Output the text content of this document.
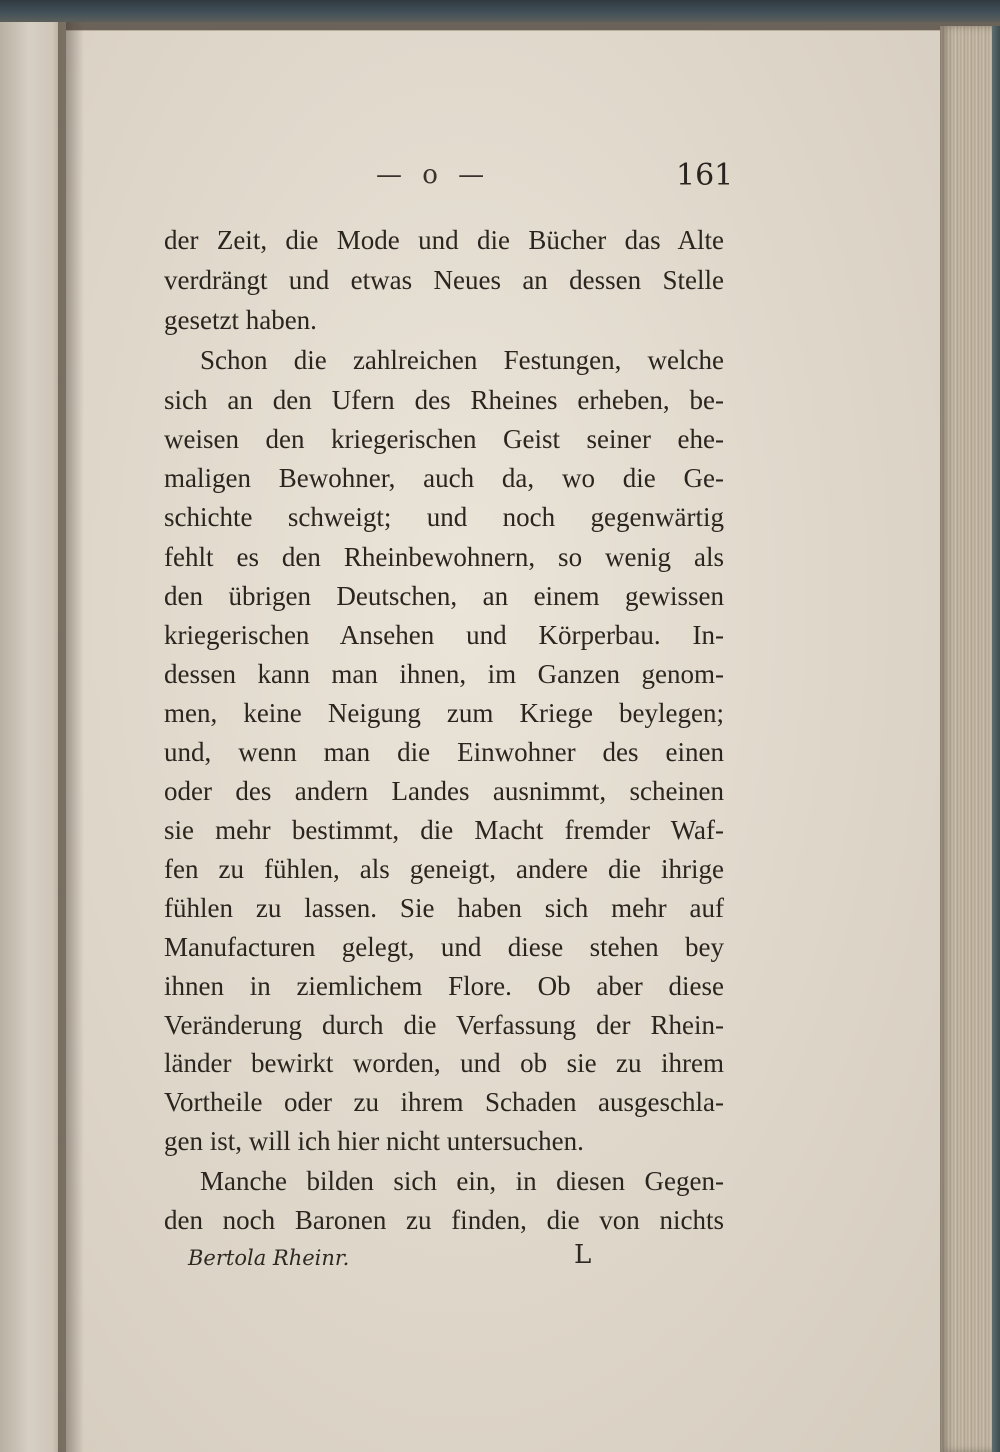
— o —	161
der Zeit, die Mode und die Bücher das Alte
verdrängt und etwas Neues an dessen Stelle
gesetzt haben.
Schon die zahlreichen Festungen, welche
sich an den Ufern des Rheines erheben, be-
weisen den kriegerischen Geist seiner ehe-
maligen Bewohner, auch da, wo die Ge-
schichte schweigt; und noch gegenwärtig
fehlt es den Rheinbewohnern, so wenig als
den übrigen Deutschen, an einem gewissen
kriegerischen Ansehen und Körperbau. In-
dessen kann man ihnen, im Ganzen genom-
men, keine Neigung zum Kriege beylegen;
und, wenn man die Einwohner des einen
oder des andern Landes ausnimmt, scheinen
sie mehr bestimmt, die Macht fremder Waf-
fen zu fühlen, als geneigt, andere die ihrige
fühlen zu lassen. Sie haben sich mehr auf
Manufacturen gelegt, und diese stehen bey
ihnen in ziemlichem Flore. Ob aber diese
Veränderung durch die Verfassung der Rhein-
länder bewirkt worden, und ob sie zu ihrem
Vortheile oder zu ihrem Schaden ausgeschla-
gen ist, will ich hier nicht untersuchen.
Manche bilden sich ein, in diesen Gegen-
den noch Baronen zu finden, die von nichts
Bertola Rheinr.	L
